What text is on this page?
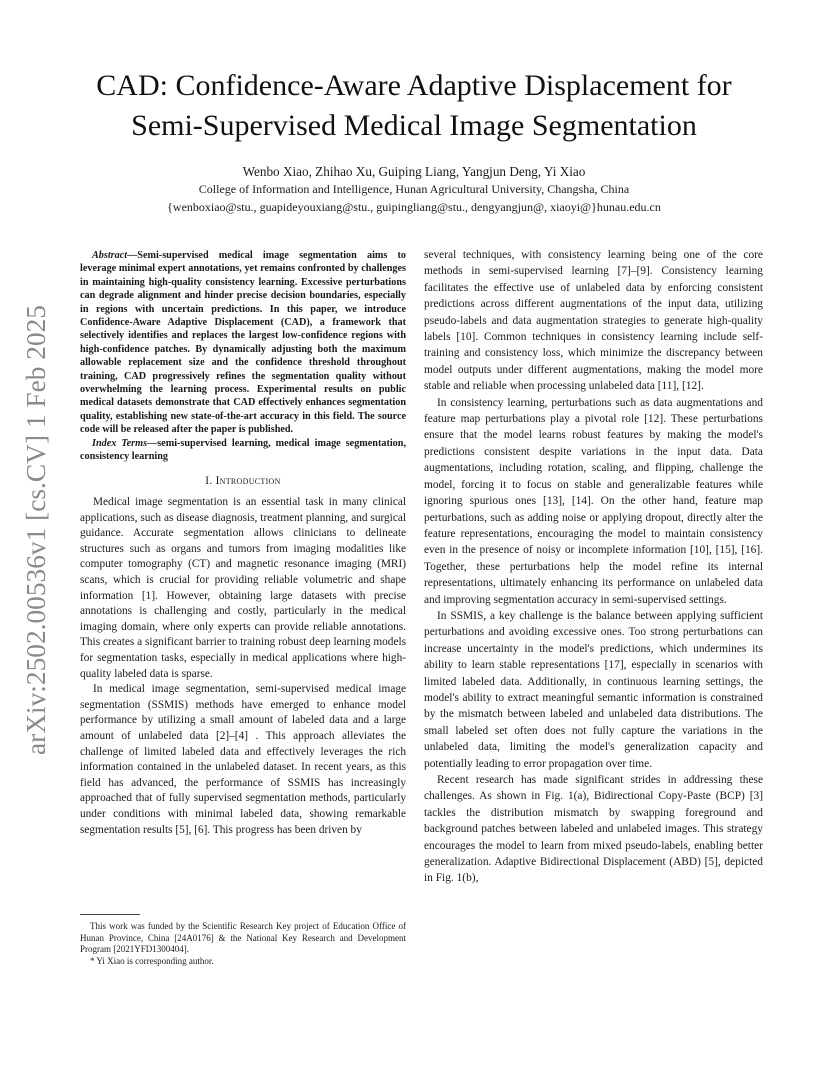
arXiv:2502.00536v1 [cs.CV] 1 Feb 2025
CAD: Confidence-Aware Adaptive Displacement for
Semi-Supervised Medical Image Segmentation
Wenbo Xiao, Zhihao Xu, Guiping Liang, Yangjun Deng, Yi Xiao
College of Information and Intelligence, Hunan Agricultural University, Changsha, China
{wenboxiao@stu., guapideyouxiang@stu., guipingliang@stu., dengyangjun@, xiaoyi@}hunau.edu.cn

Abstract—Semi-supervised medical image segmentation aims to leverage minimal expert annotations, yet remains confronted by challenges in maintaining high-quality consistency learning. Excessive perturbations can degrade alignment and hinder precise decision boundaries, especially in regions with uncertain predictions. In this paper, we introduce Confidence-Aware Adaptive Displacement (CAD), a framework that selectively identifies and replaces the largest low-confidence regions with high-confidence patches. By dynamically adjusting both the maximum allowable replacement size and the confidence threshold throughout training, CAD progressively refines the segmentation quality without overwhelming the learning process. Experimental results on public medical datasets demonstrate that CAD effectively enhances segmentation quality, establishing new state-of-the-art accuracy in this field. The source code will be released after the paper is published.

Index Terms—semi-supervised learning, medical image segmentation, consistency learning

I. Introduction

Medical image segmentation is an essential task in many clinical applications, such as disease diagnosis, treatment planning, and surgical guidance. Accurate segmentation allows clinicians to delineate structures such as organs and tumors from imaging modalities like computer tomography (CT) and magnetic resonance imaging (MRI) scans, which is crucial for providing reliable volumetric and shape information [1]. However, obtaining large datasets with precise annotations is challenging and costly, particularly in the medical imaging domain, where only experts can provide reliable annotations. This creates a significant barrier to training robust deep learning models for segmentation tasks, especially in medical applications where high-quality labeled data is sparse.

In medical image segmentation, semi-supervised medical image segmentation (SSMIS) methods have emerged to enhance model performance by utilizing a small amount of labeled data and a large amount of unlabeled data [2]–[4] . This approach alleviates the challenge of limited labeled data and effectively leverages the rich information contained in the unlabeled dataset. In recent years, as this field has advanced, the performance of SSMIS has increasingly approached that of fully supervised segmentation methods, particularly under conditions with minimal labeled data, showing remarkable segmentation results [5], [6]. This progress has been driven by

This work was funded by the Scientific Research Key project of Education Office of Hunan Province, China [24A0176] & the National Key Research and Development Program [2021YFD1300404].

* Yi Xiao is corresponding author.

several techniques, with consistency learning being one of the core methods in semi-supervised learning [7]–[9]. Consistency learning facilitates the effective use of unlabeled data by enforcing consistent predictions across different augmentations of the input data, utilizing pseudo-labels and data augmentation strategies to generate high-quality labels [10]. Common techniques in consistency learning include self-training and consistency loss, which minimize the discrepancy between model outputs under different augmentations, making the model more stable and reliable when processing unlabeled data [11], [12].

In consistency learning, perturbations such as data augmentations and feature map perturbations play a pivotal role [12]. These perturbations ensure that the model learns robust features by making the model's predictions consistent despite variations in the input data. Data augmentations, including rotation, scaling, and flipping, challenge the model, forcing it to focus on stable and generalizable features while ignoring spurious ones [13], [14]. On the other hand, feature map perturbations, such as adding noise or applying dropout, directly alter the feature representations, encouraging the model to maintain consistency even in the presence of noisy or incomplete information [10], [15], [16]. Together, these perturbations help the model refine its internal representations, ultimately enhancing its performance on unlabeled data and improving segmentation accuracy in semi-supervised settings.

In SSMIS, a key challenge is the balance between applying sufficient perturbations and avoiding excessive ones. Too strong perturbations can increase uncertainty in the model's predictions, which undermines its ability to learn stable representations [17], especially in scenarios with limited labeled data. Additionally, in continuous learning settings, the model's ability to extract meaningful semantic information is constrained by the mismatch between labeled and unlabeled data distributions. The small labeled set often does not fully capture the variations in the unlabeled data, limiting the model's generalization capacity and potentially leading to error propagation over time.

Recent research has made significant strides in addressing these challenges. As shown in Fig. 1(a), Bidirectional Copy-Paste (BCP) [3] tackles the distribution mismatch by swapping foreground and background patches between labeled and unlabeled images. This strategy encourages the model to learn from mixed pseudo-labels, enabling better generalization. Adaptive Bidirectional Displacement (ABD) [5], depicted in Fig. 1(b),
